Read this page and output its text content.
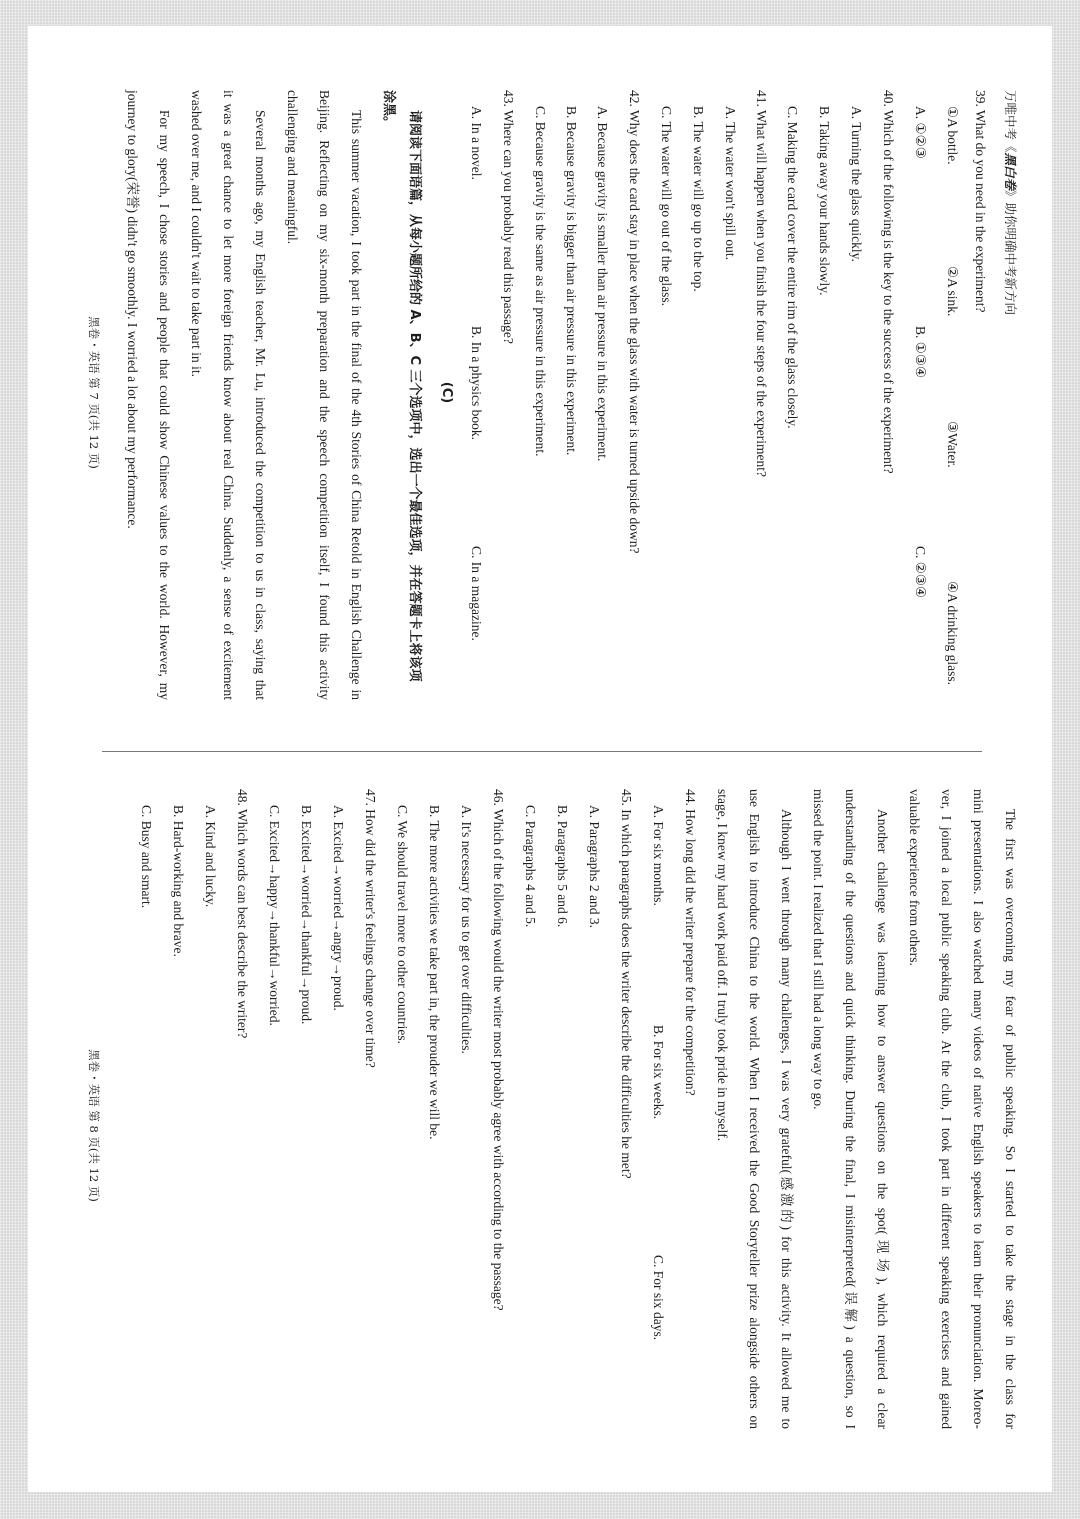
万唯中考《黑白卷》助你明确中考新方向
39. What do you need in the experiment?
①A bottle.
②A sink.
③Water.
④A drinking glass.
A. ①②③
B. ①③④
C. ②③④
40. Which of the following is the key to the success of the experiment?
A. Turning the glass quickly.
B. Taking away your hands slowly.
C. Making the card cover the entire rim of the glass closely.
41. What will happen when you finish the four steps of the experiment?
A. The water won't spill out.
B. The water will go up to the top.
C. The water will go out of the glass.
42. Why does the card stay in place when the glass with water is turned upside down?
A. Because gravity is smaller than air pressure in this experiment.
B. Because gravity is bigger than air pressure in this experiment.
C. Because gravity is the same as air pressure in this experiment.
43. Where can you probably read this passage?
A. In a novel.
B. In a physics book.
C. In a magazine.
(C)
请阅读下面语篇，从每小题所给的 A、B、C 三个选项中，选出一个最佳选项，并在答题卡上将该项
涂黑。
This summer vacation, I took part in the final of the 4th Stories of China Retold in English Challenge in
Beijing. Reflecting on my six-month preparation and the speech competition itself, I found this activity
challenging and meaningful.
Several months ago, my English teacher, Mr. Lu, introduced the competition to us in class, saying that
it was a great chance to let more foreign friends know about real China. Suddenly, a sense of excitement
washed over me, and I couldn't wait to take part in it.
For my speech, I chose stories and people that could show Chinese values to the world. However, my
journey to glory(荣誉) didn't go smoothly. I worried a lot about my performance.
黑卷・英语 第 7 页(共 12 页)
The first was overcoming my fear of public speaking. So I started to take the stage in the class for
mini presentations. I also watched many videos of native English speakers to learn their pronunciation. Moreo-
ver, I joined a local public speaking club. At the club, I took part in different speaking exercises and gained
valuable experience from others.
Another challenge was learning how to answer questions on the spot(现场), which required a clear
understanding of the questions and quick thinking. During the final, I misinterpreted(误解) a question, so I
missed the point. I realized that I still had a long way to go.
Although I went through many challenges, I was very grateful(感激的) for this activity. It allowed me to
use English to introduce China to the world. When I received the Good Storyteller prize alongside others on
stage, I knew my hard work paid off. I truly took pride in myself.
44. How long did the writer prepare for the competition?
A. For six months.
B. For six weeks.
C. For six days.
45. In which paragraphs does the writer describe the difficulties he met?
A. Paragraphs 2 and 3.
B. Paragraphs 5 and 6.
C. Paragraphs 4 and 5.
46. Which of the following would the writer most probably agree with according to the passage?
A. It's necessary for us to get over difficulties.
B. The more activities we take part in, the prouder we will be.
C. We should travel more to other countries.
47. How did the writer's feelings change over time?
A. Excited→worried→angry→proud.
B. Excited→worried→thankful→proud.
C. Excited→happy→thankful→worried.
48. Which words can best describe the writer?
A. Kind and lucky.
B. Hard-working and brave.
C. Busy and smart.
黑卷・英语 第 8 页(共 12 页)
